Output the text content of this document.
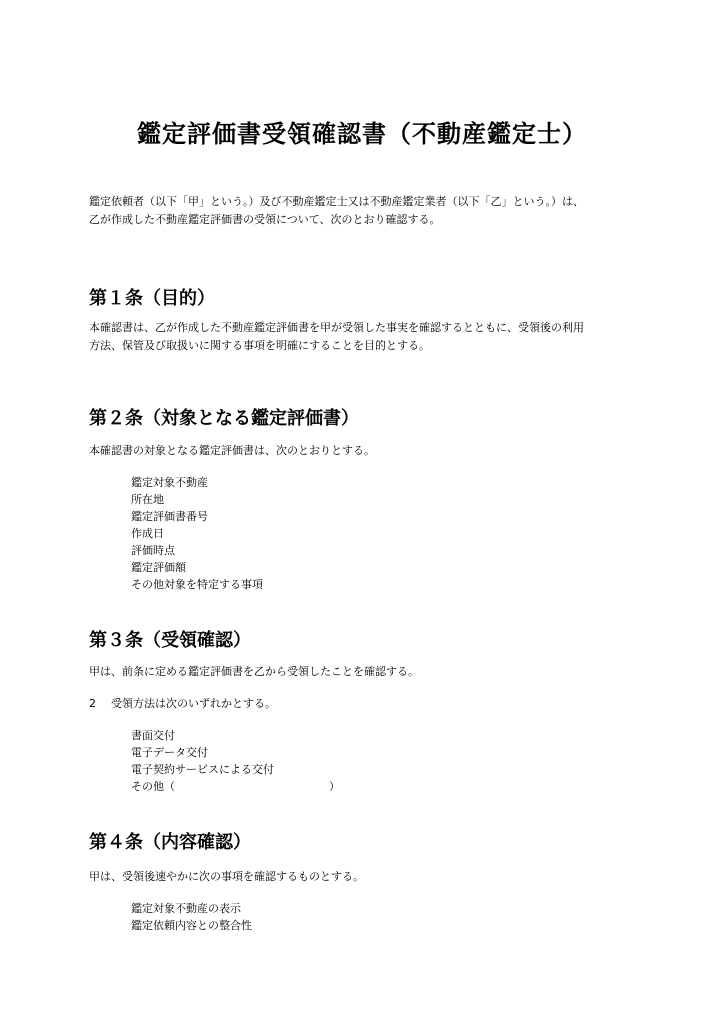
鑑定評価書受領確認書（不動産鑑定士）
鑑定依頼者（以下「甲」という。）及び不動産鑑定士又は不動産鑑定業者（以下「乙」という。）は、
乙が作成した不動産鑑定評価書の受領について、次のとおり確認する。
第１条（目的）
本確認書は、乙が作成した不動産鑑定評価書を甲が受領した事実を確認するとともに、受領後の利用
方法、保管及び取扱いに関する事項を明確にすることを目的とする。
第２条（対象となる鑑定評価書）
本確認書の対象となる鑑定評価書は、次のとおりとする。
鑑定対象不動産
所在地
鑑定評価書番号
作成日
評価時点
鑑定評価額
その他対象を特定する事項
第３条（受領確認）
甲は、前条に定める鑑定評価書を乙から受領したことを確認する。
2 受領方法は次のいずれかとする。
書面交付
電子データ交付
電子契約サービスによる交付
その他（　　　　　　　　　　　　　　）
第４条（内容確認）
甲は、受領後速やかに次の事項を確認するものとする。
鑑定対象不動産の表示
鑑定依頼内容との整合性
